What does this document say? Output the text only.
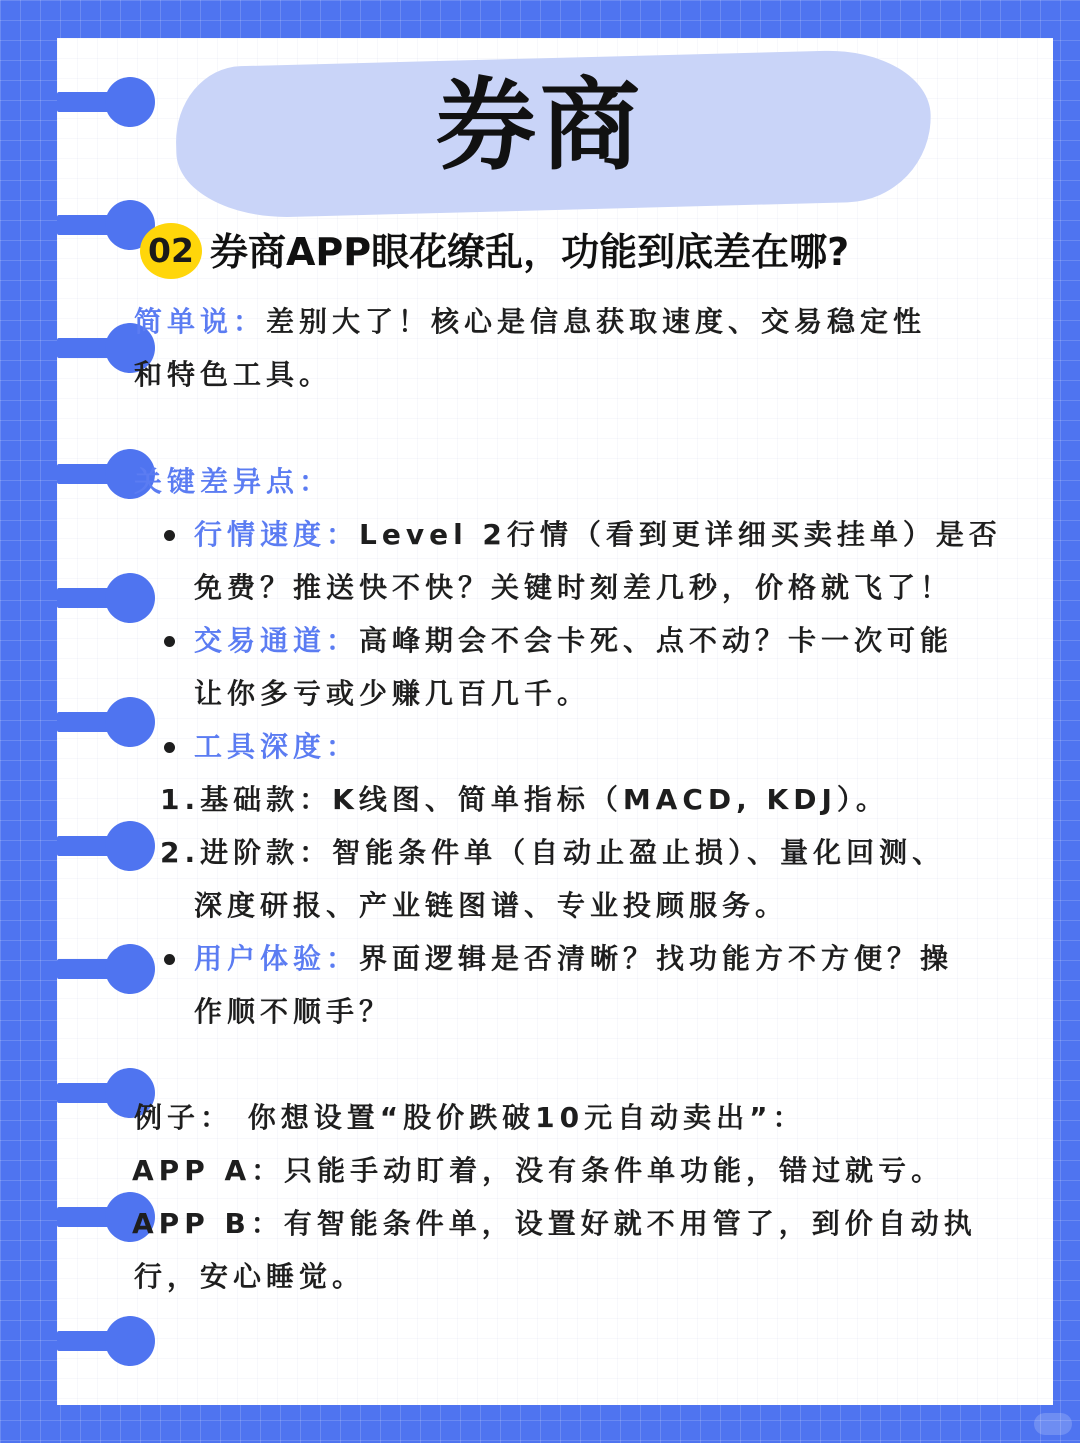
券商
02 券商APP眼花缭乱，功能到底差在哪?
简单说：差别大了！核心是信息获取速度、交易稳定性
和特色工具。
关键差异点：
行情速度：Level 2行情（看到更详细买卖挂单）是否
免费？推送快不快？关键时刻差几秒，价格就飞了！
交易通道：高峰期会不会卡死、点不动？卡一次可能
让你多亏或少赚几百几千。
工具深度：
1.基础款：K线图、简单指标（MACD, KDJ）。
2.进阶款：智能条件单（自动止盈止损）、量化回测、
深度研报、产业链图谱、专业投顾服务。
用户体验：界面逻辑是否清晰？找功能方不方便？操
作顺不顺手？
例子： 你想设置“股价跌破10元自动卖出”：
APP A：只能手动盯着，没有条件单功能，错过就亏。
APP B：有智能条件单，设置好就不用管了，到价自动执
行，安心睡觉。
